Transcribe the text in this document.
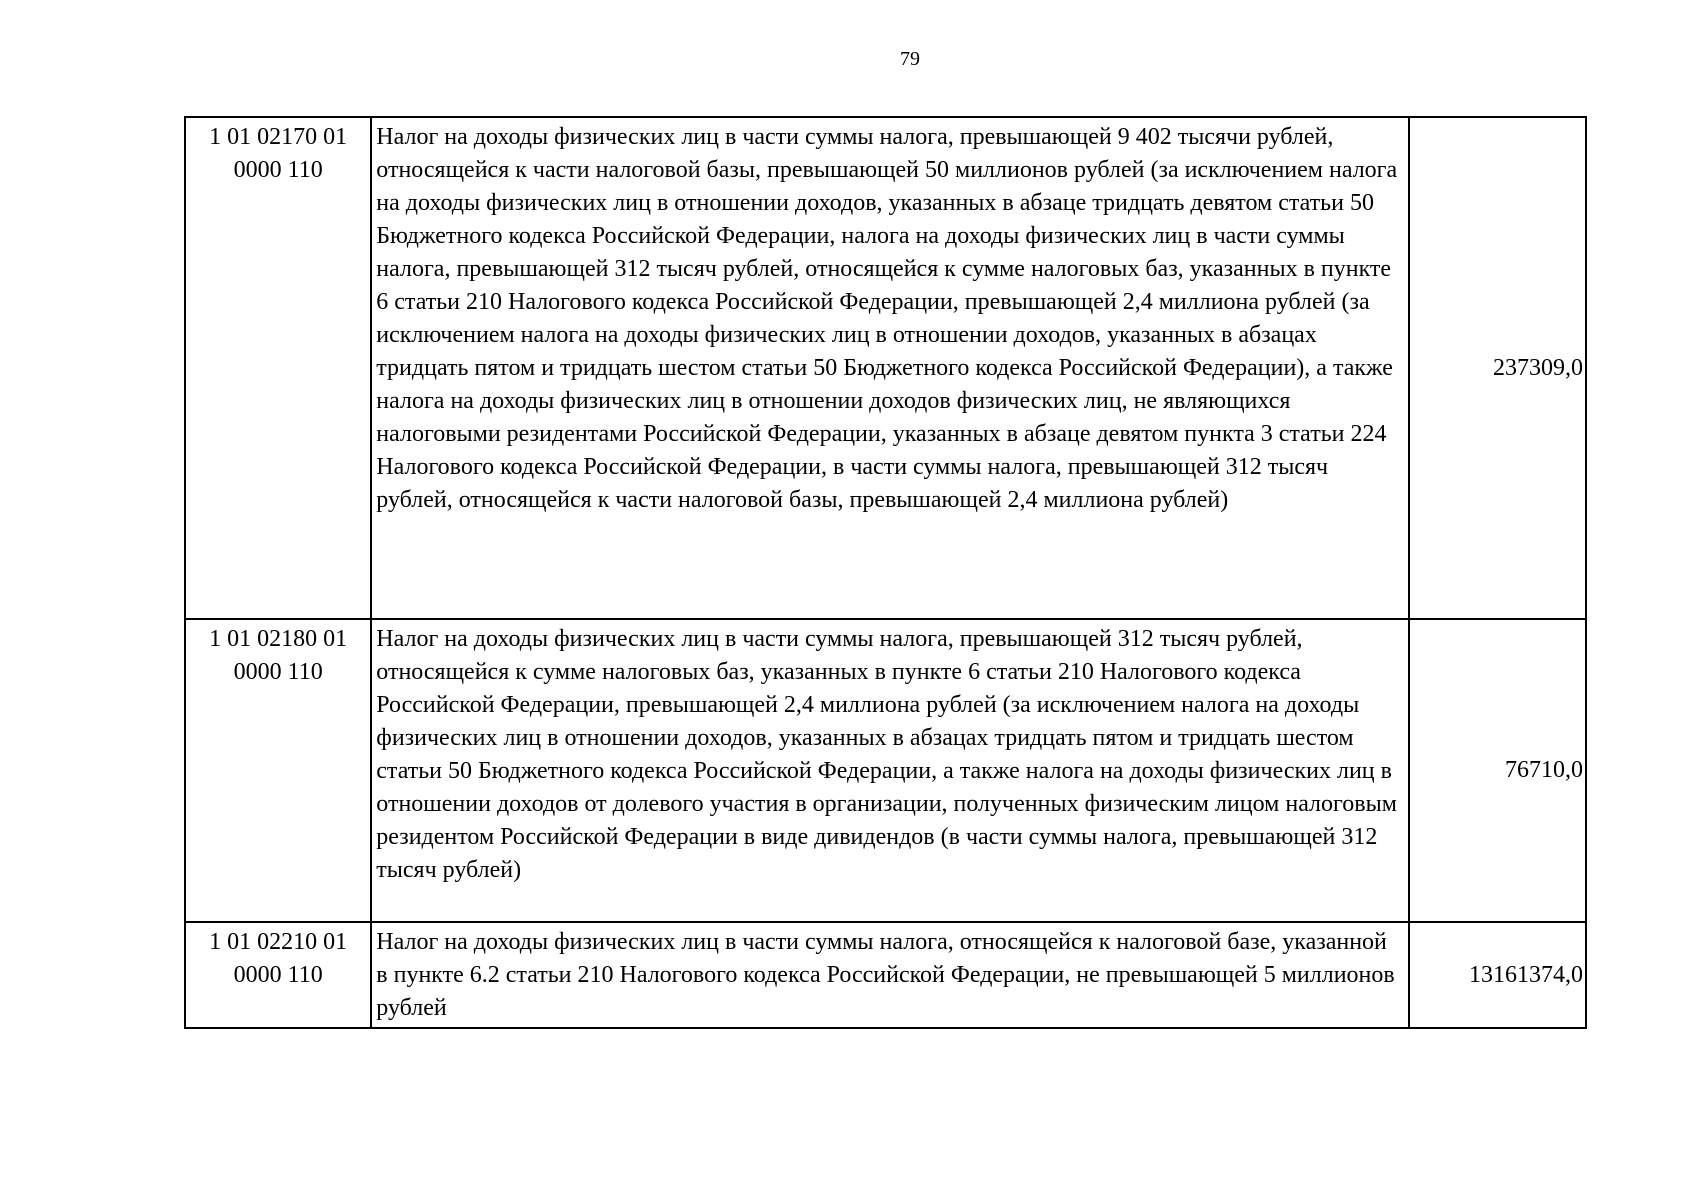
79
1 01 02170 01
0000 110	Налог на доходы физических лиц в части суммы налога, превышающей 9 402 тысячи рублей, относящейся к части налоговой базы, превышающей 50 миллионов рублей (за исключением налога на доходы физических лиц в отношении доходов, указанных в абзаце тридцать девятом статьи 50 Бюджетного кодекса Российской Федерации, налога на доходы физических лиц в части суммы налога, превышающей 312 тысяч рублей, относящейся к сумме налоговых баз, указанных в пункте 6 статьи 210 Налогового кодекса Российской Федерации, превышающей 2,4 миллиона рублей (за исключением налога на доходы физических лиц в отношении доходов, указанных в абзацах тридцать пятом и тридцать шестом статьи 50 Бюджетного кодекса Российской Федерации), а также налога на доходы физических лиц в отношении доходов физических лиц, не являющихся налоговыми резидентами Российской Федерации, указанных в абзаце девятом пункта 3 статьи 224 Налогового кодекса Российской Федерации, в части суммы налога, превышающей 312 тысяч рублей, относящейся к части налоговой базы, превышающей 2,4 миллиона рублей)	237309,0

1 01 02180 01
0000 110	Налог на доходы физических лиц в части суммы налога, превышающей 312 тысяч рублей, относящейся к сумме налоговых баз, указанных в пункте 6 статьи 210 Налогового кодекса Российской Федерации, превышающей 2,4 миллиона рублей (за исключением налога на доходы физических лиц в отношении доходов, указанных в абзацах тридцать пятом и тридцать шестом статьи 50 Бюджетного кодекса Российской Федерации, а также налога на доходы физических лиц в отношении доходов от долевого участия в организации, полученных физическим лицом налоговым резидентом Российской Федерации в виде дивидендов (в части суммы налога, превышающей 312 тысяч рублей)	76710,0

1 01 02210 01
0000 110	Налог на доходы физических лиц в части суммы налога, относящейся к налоговой базе, указанной в пункте 6.2 статьи 210 Налогового кодекса Российской Федерации, не превышающей 5 миллионов рублей	13161374,0
